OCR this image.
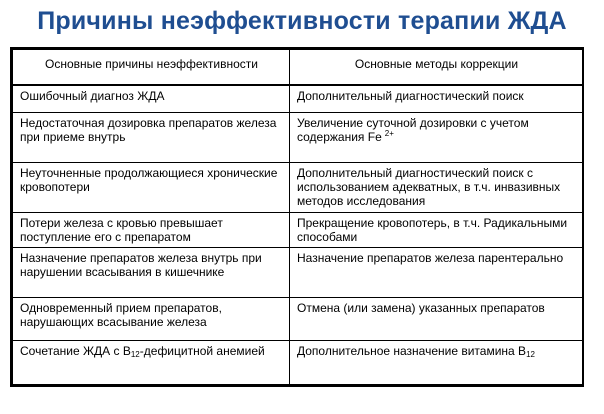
Причины неэффективности терапии ЖДА
Основные причины неэффективности	Основные методы коррекции
Ошибочный диагноз ЖДА	Дополнительный диагностический поиск
Недостаточная дозировка препаратов железа при приеме внутрь	Увеличение суточной дозировки с учетом содержания Fe $^{2+}$
Неуточненные продолжающиеся хронические кровопотери	Дополнительный диагностический поиск с использованием адекватных, в т.ч. инвазивных методов исследования
Потери железа с кровью превышает поступление его с препаратом	Прекращение кровопотерь, в т.ч. Радикальными способами
Назначение препаратов железа внутрь при нарушении всасывания в кишечнике	Назначение препаратов железа парентерально
Одновременный прием препаратов, нарушающих всасывание железа	Отмена (или замена) указанных препаратов
Сочетание ЖДА с $B_{12}$-дефицитной анемией	Дополнительное назначение витамина $B_{12}$
